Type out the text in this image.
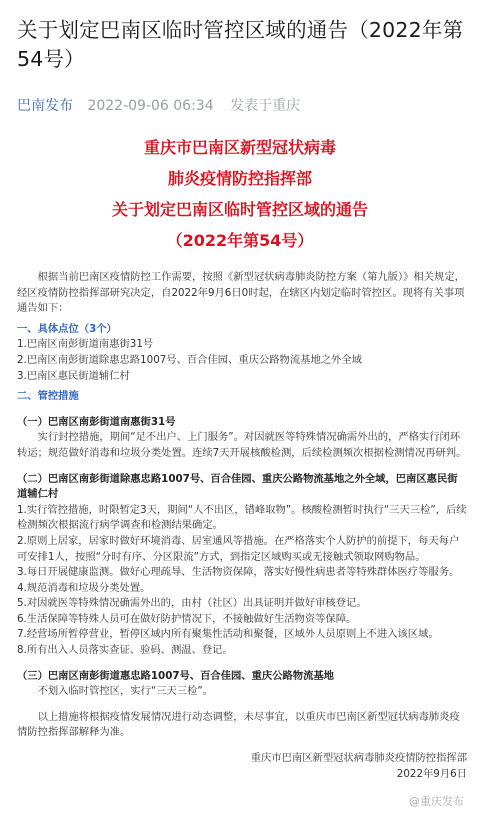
关于划定巴南区临时管控区域的通告（2022年第54号）
巴南发布 2022-09-06 06:34 发表于重庆
重庆市巴南区新型冠状病毒
肺炎疫情防控指挥部
关于划定巴南区临时管控区域的通告
（2022年第54号）

根据当前巴南区疫情防控工作需要，按照《新型冠状病毒肺炎防控方案（第九版）》相关规定，经区疫情防控指挥部研究决定，自2022年9月6日0时起，在辖区内划定临时管控区。现将有关事项通告如下：

一、具体点位（3个）

1.巴南区南彭街道南惠街31号

2.巴南区南彭街道除惠忠路1007号、百合佳园、重庆公路物流基地之外全域

3.巴南区惠民街道辅仁村

二、管控措施

（一）巴南区南彭街道南惠街31号

实行封控措施，期间“足不出户、上门服务”。对因就医等特殊情况确需外出的，严格实行闭环转运；规范做好消毒和垃圾分类处置。连续7天开展核酸检测，后续检测频次根据检测情况再研判。

（二）巴南区南彭街道除惠忠路1007号、百合佳园、重庆公路物流基地之外全域，巴南区惠民街道辅仁村

1.实行管控措施，时限暂定3天，期间“人不出区，错峰取物”。核酸检测暂时执行“三天三检”，后续检测频次根据流行病学调查和检测结果确定。

2.原则上居家，居家时做好环境消毒、居室通风等措施。在严格落实个人防护的前提下，每天每户可安排1人，按照“分时有序、分区限流”方式，到指定区域购买或无接触式领取网购物品。

3.每日开展健康监测。做好心理疏导、生活物资保障，落实好慢性病患者等特殊群体医疗等服务。

4.规范消毒和垃圾分类处置。

5.对因就医等特殊情况确需外出的，由村（社区）出具证明并做好审核登记。

6.生活保障等特殊人员可在做好防护情况下，不接触做好生活物资等保障。

7.经营场所暂停营业，暂停区域内所有聚集性活动和聚餐，区域外人员原则上不进入该区域。

8.所有出入人员落实查证、验码、测温、登记。

（三）巴南区南彭街道惠忠路1007号、百合佳园、重庆公路物流基地

不划入临时管控区，实行“三天三检”。

以上措施将根据疫情发展情况进行动态调整，未尽事宜，以重庆市巴南区新型冠状病毒肺炎疫情防控指挥部解释为准。

重庆市巴南区新型冠状病毒肺炎疫情防控指挥部

2022年9月6日

@重庆发布
